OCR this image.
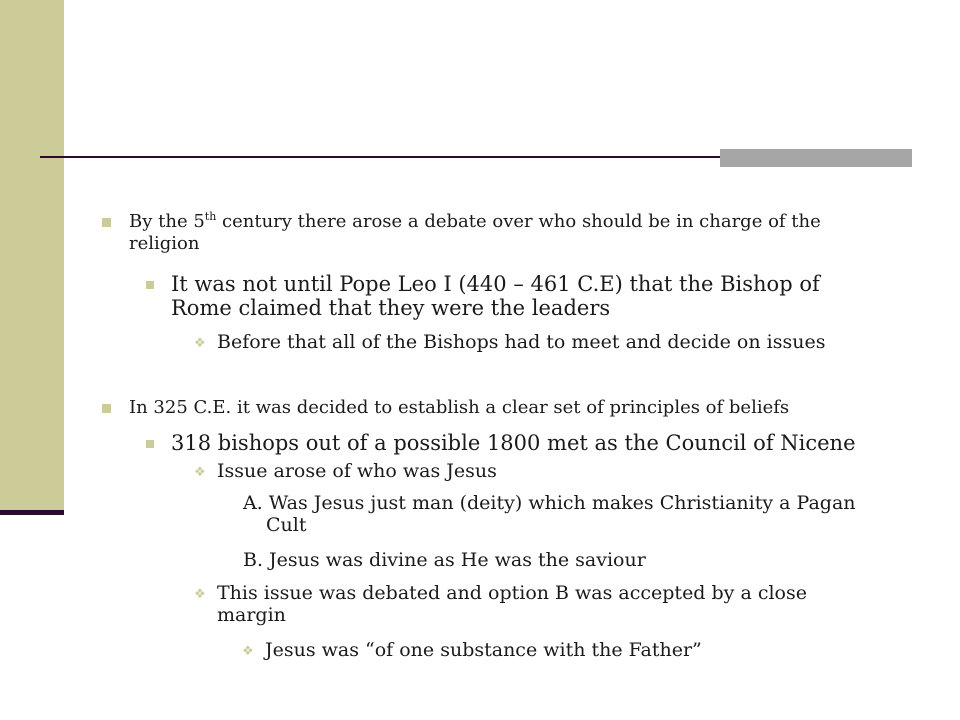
By the 5th century there arose a debate over who should be in charge of the religion
It was not until Pope Leo I (440 – 461 C.E) that the Bishop of Rome claimed that they were the leaders
❖ Before that all of the Bishops had to meet and decide on issues
In 325 C.E. it was decided to establish a clear set of principles of beliefs
318 bishops out of a possible 1800 met as the Council of Nicene
❖ Issue arose of who was Jesus
A. Was Jesus just man (deity) which makes Christianity a Pagan Cult
B. Jesus was divine as He was the saviour
❖ This issue was debated and option B was accepted by a close margin
❖ Jesus was “of one substance with the Father”
